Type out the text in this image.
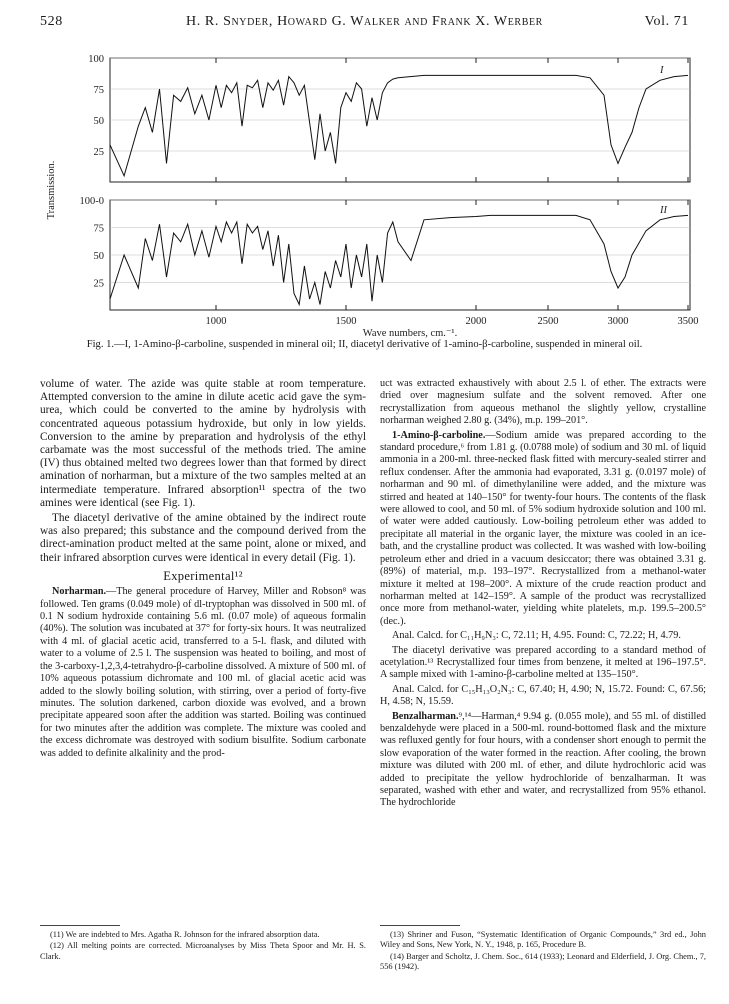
528	H. R. Snyder, Howard G. Walker and Frank X. Werber	Vol. 71
Transmission.
Wave numbers, cm.⁻¹.
100
75
50
25
I
100-0
75
50
25
II
1000	1500	2000	2500	3000	3500
Fig. 1.—I, 1-Amino-β-carboline, suspended in mineral oil; II, diacetyl derivative of 1-amino-β-carboline, suspended in mineral oil.

volume of water. The azide was quite stable at room temperature. Attempted conversion to the amine in dilute acetic acid gave the sym-urea, which could be converted to the amine by hydrolysis with concentrated aqueous potassium hydroxide, but only in low yields. Conversion to the amine by preparation and hydrolysis of the ethyl carbamate was the most successful of the methods tried. The amine (IV) thus obtained melted two degrees lower than that formed by direct amination of norharman, but a mixture of the two samples melted at an intermediate temperature. Infrared absorption¹¹ spectra of the two amines were identical (see Fig. 1).

The diacetyl derivative of the amine obtained by the indirect route was also prepared; this substance and the compound derived from the direct-amination product melted at the same point, alone or mixed, and their infrared absorption curves were identical in every detail (Fig. 1).

Experimental¹²

Norharman.—The general procedure of Harvey, Miller and Robson⁸ was followed. Ten grams (0.049 mole) of dl-tryptophan was dissolved in 500 ml. of 0.1 N sodium hydroxide containing 5.6 ml. (0.07 mole) of aqueous formalin (40%). The solution was incubated at 37° for forty-six hours. It was neutralized with 4 ml. of glacial acetic acid, transferred to a 5-l. flask, and diluted with water to a volume of 2.5 l. The suspension was heated to boiling, and most of the 3-carboxy-1,2,3,4-tetrahydro-β-carboline dissolved. A mixture of 500 ml. of 10% aqueous potassium dichromate and 100 ml. of glacial acetic acid was added to the slowly boiling solution, with stirring, over a period of forty-five minutes. The solution darkened, carbon dioxide was evolved, and a brown precipitate appeared soon after the addition was started. Boiling was continued for two minutes after the addition was complete. The mixture was cooled and the excess dichromate was destroyed with sodium bisulfite. Sodium carbonate was added to definite alkalinity and the prod-

uct was extracted exhaustively with about 2.5 l. of ether. The extracts were dried over magnesium sulfate and the solvent removed. After one recrystallization from aqueous methanol the slightly yellow, crystalline norharman weighed 2.80 g. (34%), m.p. 199–201°.

1-Amino-β-carboline.—Sodium amide was prepared according to the standard procedure,⁶ from 1.81 g. (0.0788 mole) of sodium and 30 ml. of liquid ammonia in a 200-ml. three-necked flask fitted with mercury-sealed stirrer and reflux condenser. After the ammonia had evaporated, 3.31 g. (0.0197 mole) of norharman and 90 ml. of dimethylaniline were added, and the mixture was stirred and heated at 140–150° for twenty-four hours. The contents of the flask were allowed to cool, and 50 ml. of 5% sodium hydroxide solution and 100 ml. of water were added cautiously. Low-boiling petroleum ether was added to precipitate all material in the organic layer, the mixture was cooled in an ice-bath, and the crystalline product was collected. It was washed with low-boiling petroleum ether and dried in a vacuum desiccator; there was obtained 3.31 g. (89%) of material, m.p. 193–197°. Recrystallized from a methanol-water mixture it melted at 198–200°. A mixture of the crude reaction product and norharman melted at 142–159°. A sample of the product was recrystallized once more from methanol-water, yielding white platelets, m.p. 199.5–200.5° (dec.).

Anal. Calcd. for C₁₁H₉N₃: C, 72.11; H, 4.95. Found: C, 72.22; H, 4.79.

The diacetyl derivative was prepared according to a standard method of acetylation.¹³ Recrystallized four times from benzene, it melted at 196–197.5°. A sample mixed with 1-amino-β-carboline melted at 135–150°.

Anal. Calcd. for C₁₅H₁₃O₂N₃: C, 67.40; H, 4.90; N, 15.72. Found: C, 67.56; H, 4.58; N, 15.59.

Benzalharman.⁹,¹⁴—Harman,⁴ 9.94 g. (0.055 mole), and 55 ml. of distilled benzaldehyde were placed in a 500-ml. round-bottomed flask and the mixture was refluxed gently for four hours, with a condenser short enough to permit the slow evaporation of the water formed in the reaction. After cooling, the brown mixture was diluted with 200 ml. of ether, and dilute hydrochloric acid was added to precipitate the yellow hydrochloride of benzalharman. It was separated, washed with ether and water, and recrystallized from 95% ethanol. The hydrochloride

(11) We are indebted to Mrs. Agatha R. Johnson for the infrared absorption data.

(12) All melting points are corrected. Microanalyses by Miss Theta Spoor and Mr. H. S. Clark.

(13) Shriner and Fuson, “Systematic Identification of Organic Compounds,” 3rd ed., John Wiley and Sons, New York, N. Y., 1948, p. 165, Procedure B.

(14) Barger and Scholtz, J. Chem. Soc., 614 (1933); Leonard and Elderfield, J. Org. Chem., 7, 556 (1942).
